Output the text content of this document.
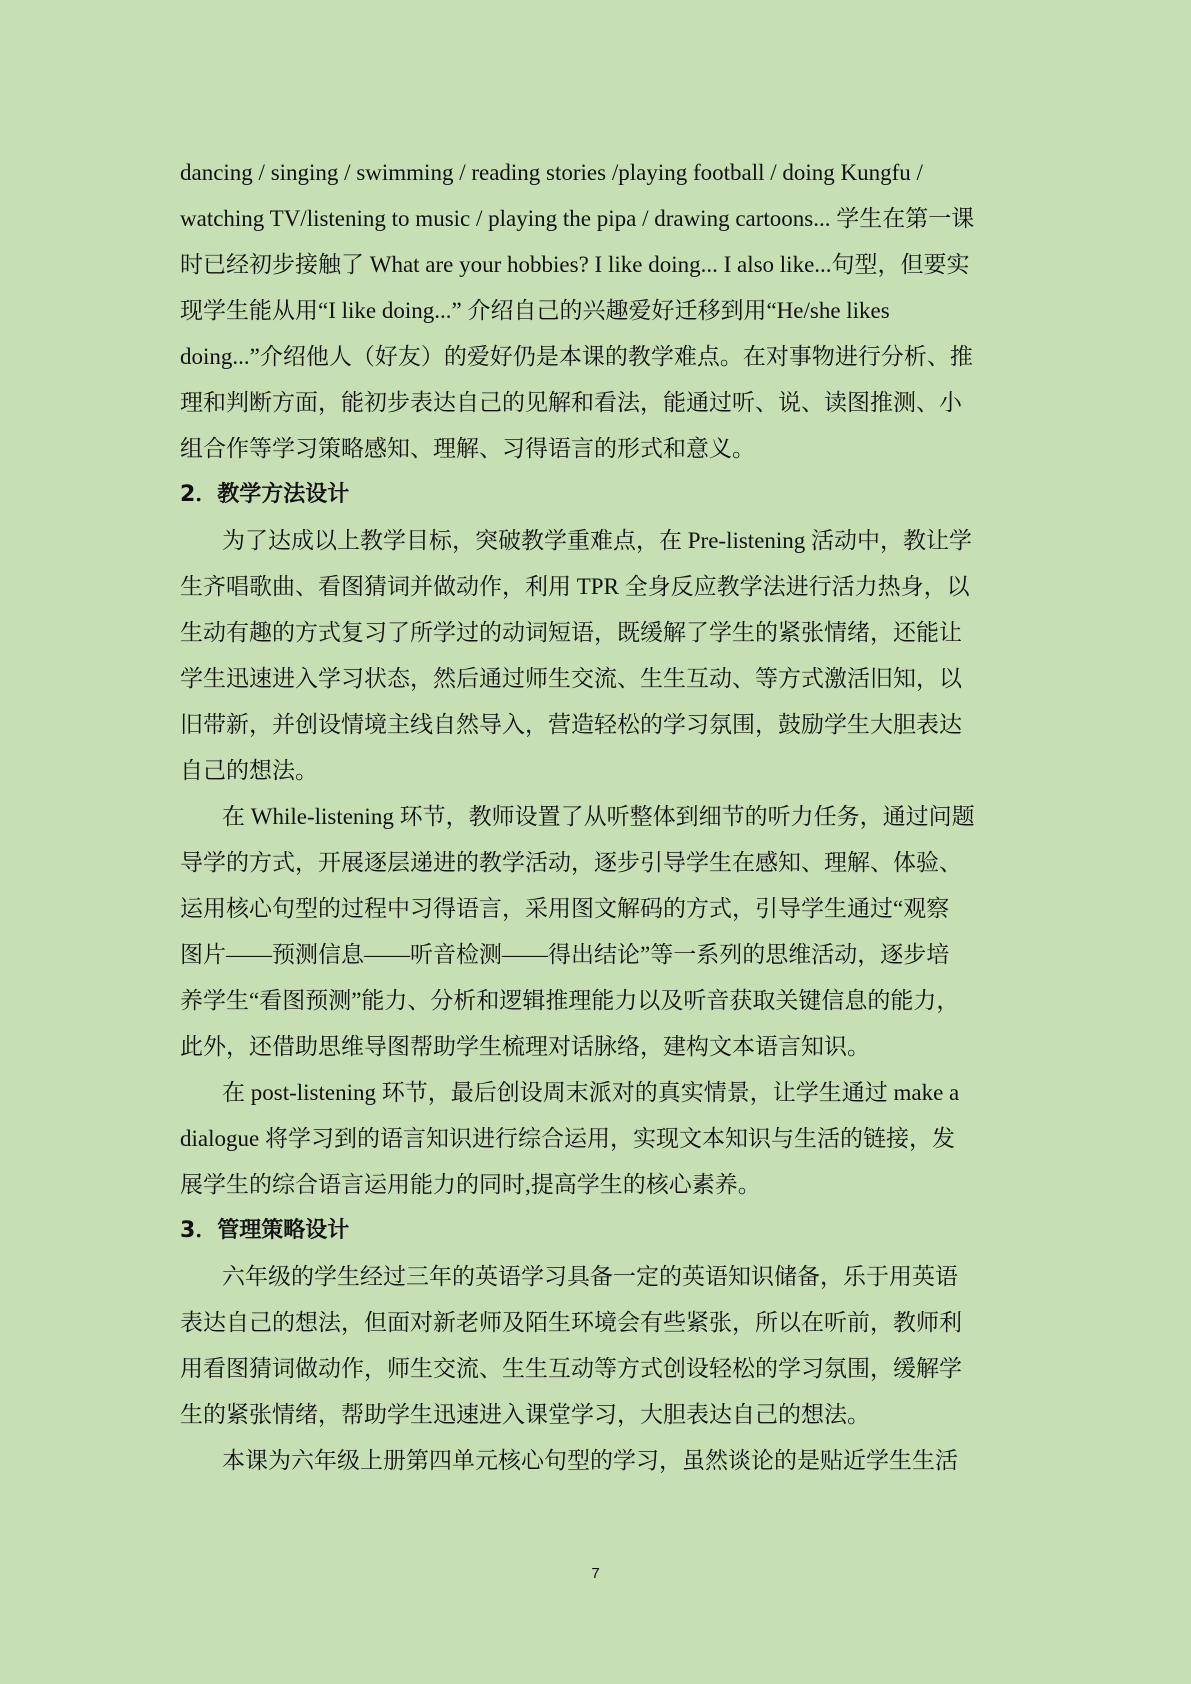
dancing / singing / swimming / reading stories /playing football / doing Kungfu /
watching TV/listening to music / playing the pipa / drawing cartoons... 学生在第一课
时已经初步接触了 What are your hobbies? I like doing... I also like...句型，但要实
现学生能从用“I like doing...” 介绍自己的兴趣爱好迁移到用“He/she likes
doing...”介绍他人（好友）的爱好仍是本课的教学难点。在对事物进行分析、推
理和判断方面，能初步表达自己的见解和看法，能通过听、说、读图推测、小
组合作等学习策略感知、理解、习得语言的形式和意义。
2．教学方法设计
为了达成以上教学目标，突破教学重难点，在 Pre-listening 活动中，教让学
生齐唱歌曲、看图猜词并做动作，利用 TPR 全身反应教学法进行活力热身，以
生动有趣的方式复习了所学过的动词短语，既缓解了学生的紧张情绪，还能让
学生迅速进入学习状态，然后通过师生交流、生生互动、等方式激活旧知，以
旧带新，并创设情境主线自然导入，营造轻松的学习氛围，鼓励学生大胆表达
自己的想法。
在 While-listening 环节，教师设置了从听整体到细节的听力任务，通过问题
导学的方式，开展逐层递进的教学活动，逐步引导学生在感知、理解、体验、
运用核心句型的过程中习得语言，采用图文解码的方式，引导学生通过“观察
图片——预测信息——听音检测——得出结论”等一系列的思维活动，逐步培
养学生“看图预测”能力、分析和逻辑推理能力以及听音获取关键信息的能力，
此外，还借助思维导图帮助学生梳理对话脉络，建构文本语言知识。
在 post-listening 环节，最后创设周末派对的真实情景，让学生通过 make a
dialogue 将学习到的语言知识进行综合运用，实现文本知识与生活的链接，发
展学生的综合语言运用能力的同时,提高学生的核心素养。
3．管理策略设计
六年级的学生经过三年的英语学习具备一定的英语知识储备，乐于用英语
表达自己的想法，但面对新老师及陌生环境会有些紧张，所以在听前，教师利
用看图猜词做动作，师生交流、生生互动等方式创设轻松的学习氛围，缓解学
生的紧张情绪，帮助学生迅速进入课堂学习，大胆表达自己的想法。
本课为六年级上册第四单元核心句型的学习，虽然谈论的是贴近学生生活
7
